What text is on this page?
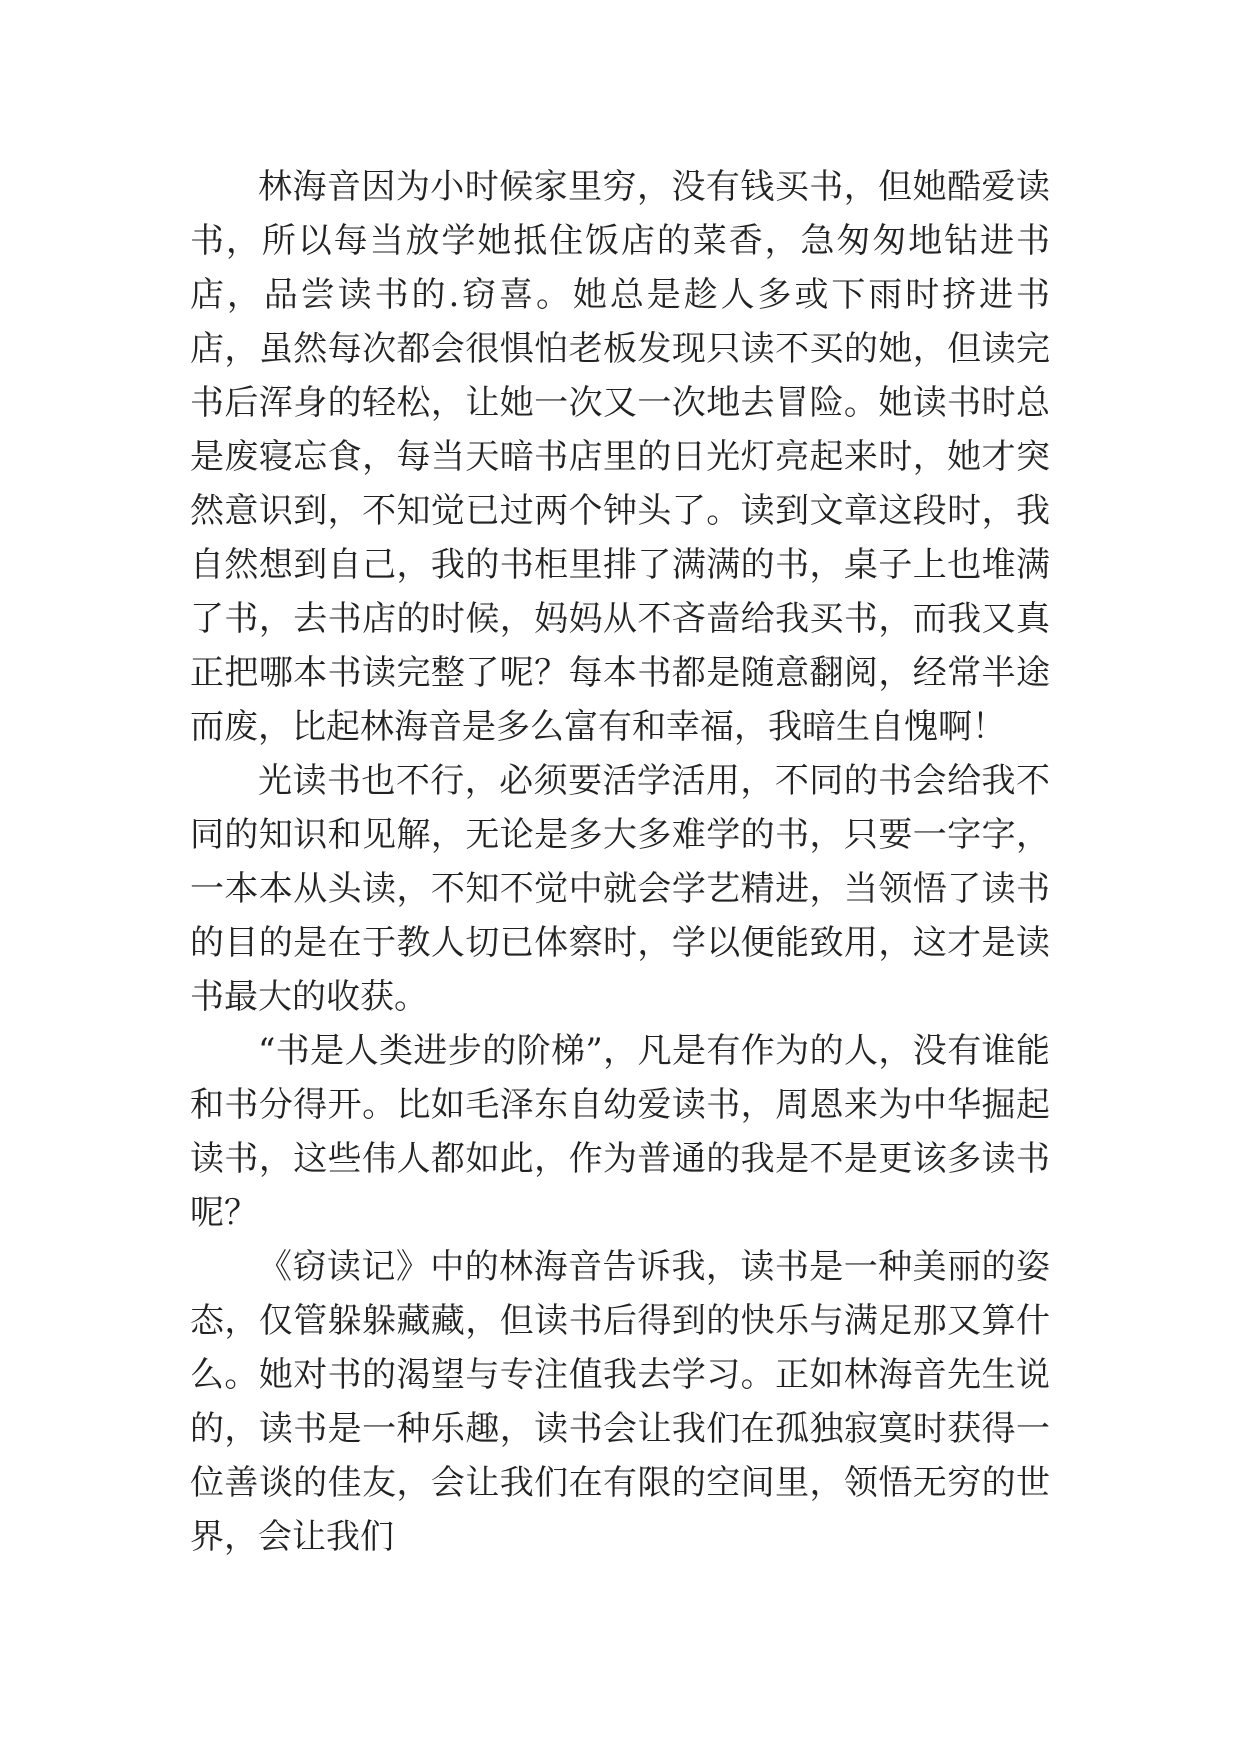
林海音因为小时候家里穷，没有钱买书，但她酷爱读书，所以每当放学她抵住饭店的菜香，急匆匆地钻进书店，品尝读书的.窃喜。她总是趁人多或下雨时挤进书店，虽然每次都会很惧怕老板发现只读不买的她，但读完书后浑身的轻松，让她一次又一次地去冒险。她读书时总是废寝忘食，每当天暗书店里的日光灯亮起来时，她才突然意识到，不知觉已过两个钟头了。读到文章这段时，我自然想到自己，我的书柜里排了满满的书，桌子上也堆满了书，去书店的时候，妈妈从不吝啬给我买书，而我又真正把哪本书读完整了呢？每本书都是随意翻阅，经常半途而废，比起林海音是多么富有和幸福，我暗生自愧啊！

光读书也不行，必须要活学活用，不同的书会给我不同的知识和见解，无论是多大多难学的书，只要一字字，一本本从头读，不知不觉中就会学艺精进，当领悟了读书的目的是在于教人切已体察时，学以便能致用，这才是读书最大的收获。

“书是人类进步的阶梯”，凡是有作为的人，没有谁能和书分得开。比如毛泽东自幼爱读书，周恩来为中华掘起读书，这些伟人都如此，作为普通的我是不是更该多读书呢？

《窃读记》中的林海音告诉我，读书是一种美丽的姿态，仅管躲躲藏藏，但读书后得到的快乐与满足那又算什么。她对书的渴望与专注值我去学习。正如林海音先生说的，读书是一种乐趣，读书会让我们在孤独寂寞时获得一位善谈的佳友，会让我们在有限的空间里，领悟无穷的世界，会让我们
